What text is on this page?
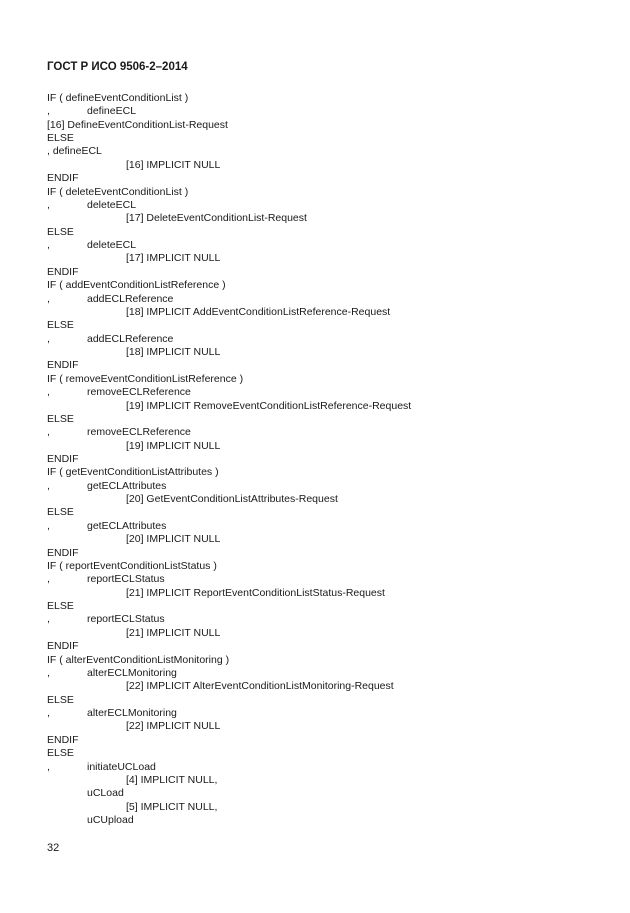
ГОСТ Р ИСО 9506-2–2014
IF ( defineEventConditionList )
,	defineECL
[16] DefineEventConditionList-Request
ELSE
, defineECL
[16] IMPLICIT NULL
ENDIF
IF ( deleteEventConditionList )
,	deleteECL
[17] DeleteEventConditionList-Request
ELSE
,	deleteECL
[17] IMPLICIT NULL
ENDIF
IF ( addEventConditionListReference )
,	addECLReference
[18] IMPLICIT AddEventConditionListReference-Request
ELSE
,	addECLReference
[18] IMPLICIT NULL
ENDIF
IF ( removeEventConditionListReference )
,	removeECLReference
[19] IMPLICIT RemoveEventConditionListReference-Request
ELSE
,	removeECLReference
[19] IMPLICIT NULL
ENDIF
IF ( getEventConditionListAttributes )
,	getECLAttributes
[20] GetEventConditionListAttributes-Request
ELSE
,	getECLAttributes
[20] IMPLICIT NULL
ENDIF
IF ( reportEventConditionListStatus )
,	reportECLStatus
[21] IMPLICIT ReportEventConditionListStatus-Request
ELSE
,	reportECLStatus
[21] IMPLICIT NULL
ENDIF
IF ( alterEventConditionListMonitoring )
,	alterECLMonitoring
[22] IMPLICIT AlterEventConditionListMonitoring-Request
ELSE
,	alterECLMonitoring
[22] IMPLICIT NULL
ENDIF
ELSE
,	initiateUCLoad
[4] IMPLICIT NULL,
uCLoad
[5] IMPLICIT NULL,
uCUpload
32
